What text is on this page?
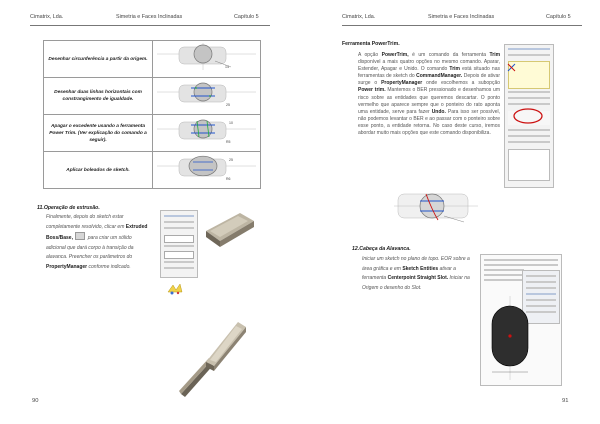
Cimatrix, Lda.	Simetria e Faces Inclinadas	Capítulo 5
Desenhar circunferência a partir da origem.	14

Desenhar duas linhas horizontais com constrangimento de igualdade.	25

Apagar o excedente usando a ferramenta Power Trim. (Ver explicação do comando a seguir).	10
R5

Aplicar boleados de sketch.	25
R6
11.Operação de extrusão.
Finalmente, depois do sketch estar completamente resolvido, clicar em Extruded Boss/Base,	para criar um sólido adicional que dará corpo à transição da alavanca. Preencher os parâmetros do PropertyManager conforme indicado.
90
Cimatrix, Lda.	Simetria e Faces Inclinadas	Capítulo 5
Ferramenta PowerTrim.
A opção PowerTrim, é um comando da ferramenta Trim disponível a mais quatro opções no mesmo comando. Aparar, Estender, Apagar e Unido. O comando Trim está situado nas ferramentas de sketch do CommandManager. Depois de ativar surge o PropertyManager onde escolhemos a subopção Power trim. Mantemos o BER pressionado e desenhamos um risco sobre as entidades que queremos descartar. O ponto vermelho que aparece sempre que o ponteiro do rato aponta uma entidade, serve para fazer Undo. Para isso ser possível, não podemos levantar o BER e ao passar com o ponteiro sobre esse ponto, a entidade retorna. No caso deste curso, iremos abordar muito mais opções que este comando disponibiliza.
12.Cabeça da Alavanca.
Iniciar um sketch no plano de topo. EOR sobre a área gráfica e em Sketch Entities ativar a ferramenta Centerpoint Straight Slot. Iniciar na Origem o desenho do Slot.
91
